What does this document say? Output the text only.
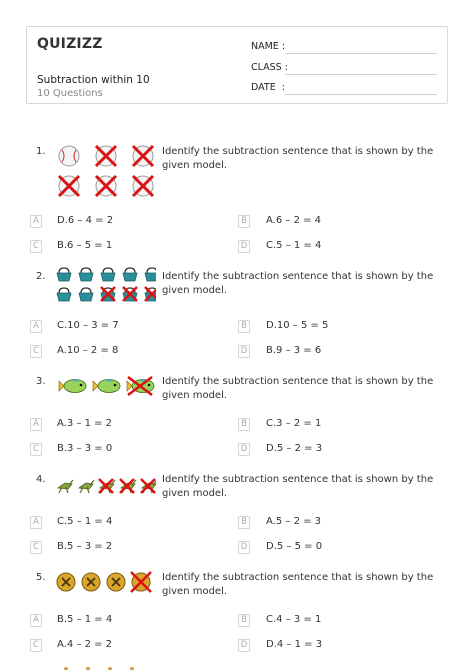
QUIZIZZ
Subtraction within 10
10 Questions
NAME :
CLASS :
DATE  :
1.	Identify the subtraction sentence that is shown by the given model.
A	D.6 – 4 = 2	B	A.6 – 2 = 4
C	B.6 – 5 = 1	D C.5 – 1 = 4
2.	Identify the subtraction sentence that is shown by the given model.
A	C.10 – 3 = 7	B	D.10 – 5 = 5
C	A.10 – 2 = 8	D B.9 – 3 = 6
3.	Identify the subtraction sentence that is shown by the given model.
A	A.3 – 1 = 2	B	C.3 – 2 = 1
C	B.3 – 3 = 0	D D.5 – 2 = 3
4.	Identify the subtraction sentence that is shown by the given model.
A	C.5 – 1 = 4	B	A.5 – 2 = 3
C	B.5 – 3 = 2	D D.5 – 5 = 0
5.	Identify the subtraction sentence that is shown by the given model.
A	B.5 – 1 = 4	B	C.4 – 3 = 1
C	A.4 – 2 = 2	D D.4 – 1 = 3
